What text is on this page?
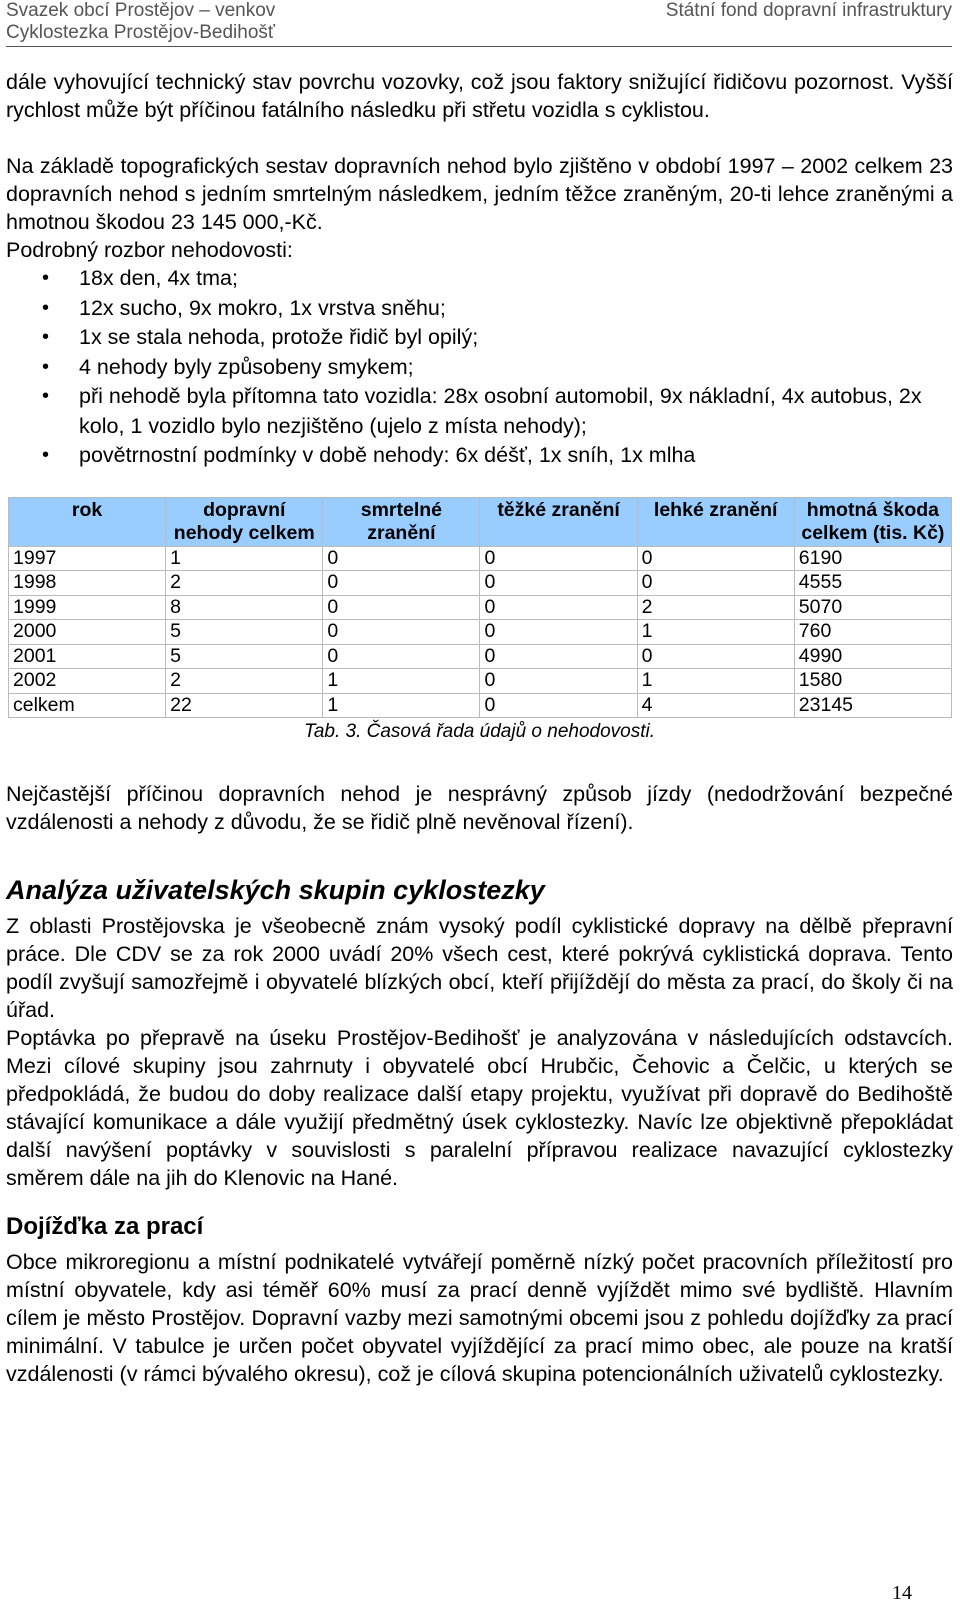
Svazek obcí Prostějov – venkov
Cyklostezka Prostějov-Bedihošť
Státní fond dopravní infrastruktury

dále vyhovující technický stav povrchu vozovky, což jsou faktory snižující řidičovu pozornost. Vyšší rychlost může být příčinou fatálního následku při střetu vozidla s cyklistou.

Na základě topografických sestav dopravních nehod bylo zjištěno v období 1997 – 2002 celkem 23 dopravních nehod s jedním smrtelným následkem, jedním těžce zraněným, 20-ti lehce zraněnými a hmotnou škodou 23 145 000,-Kč.

Podrobný rozbor nehodovosti:

• 18x den, 4x tma;
• 12x sucho, 9x mokro, 1x vrstva sněhu;
• 1x se stala nehoda, protože řidič byl opilý;
• 4 nehody byly způsobeny smykem;
• při nehodě byla přítomna tato vozidla: 28x osobní automobil, 9x nákladní, 4x autobus, 2x kolo, 1 vozidlo bylo nezjištěno (ujelo z místa nehody);
• povětrnostní podmínky v době nehody: 6x déšť, 1x sníh, 1x mlha
rok	dopravní nehody celkem	smrtelné zranění	těžké zranění	lehké zranění	hmotná škoda celkem (tis. Kč)
1997	1	0	0	0	6190
1998	2	0	0	0	4555
1999	8	0	0	2	5070
2000	5	0	0	1	760
2001	5	0	0	0	4990
2002	2	1	0	1	1580
celkem	22	1	0	4	23145
Tab. 3. Časová řada údajů o nehodovosti.

Nejčastější příčinou dopravních nehod je nesprávný způsob jízdy (nedodržování bezpečné vzdálenosti a nehody z důvodu, že se řidič plně nevěnoval řízení).

Analýza uživatelských skupin cyklostezky

Z oblasti Prostějovska je všeobecně znám vysoký podíl cyklistické dopravy na dělbě přepravní práce. Dle CDV se za rok 2000 uvádí 20% všech cest, které pokrývá cyklistická doprava. Tento podíl zvyšují samozřejmě i obyvatelé blízkých obcí, kteří přijíždějí do města za prací, do školy či na úřad.

Poptávka po přepravě na úseku Prostějov-Bedihošť je analyzována v následujících odstavcích. Mezi cílové skupiny jsou zahrnuty i obyvatelé obcí Hrubčic, Čehovic a Čelčic, u kterých se předpokládá, že budou do doby realizace další etapy projektu, využívat při dopravě do Bedihoště stávající komunikace a dále využijí předmětný úsek cyklostezky. Navíc lze objektivně přepokládat další navýšení poptávky v souvislosti s paralelní přípravou realizace navazující cyklostezky směrem dále na jih do Klenovic na Hané.

Dojížďka za prací

Obce mikroregionu a místní podnikatelé vytvářejí poměrně nízký počet pracovních příležitostí pro místní obyvatele, kdy asi téměř 60% musí za prací denně vyjíždět mimo své bydliště. Hlavním cílem je město Prostějov. Dopravní vazby mezi samotnými obcemi jsou z pohledu dojížďky za prací minimální. V tabulce je určen počet obyvatel vyjíždějící za prací mimo obec, ale pouze na kratší vzdálenosti (v rámci bývalého okresu), což je cílová skupina potencionálních uživatelů cyklostezky.

14
